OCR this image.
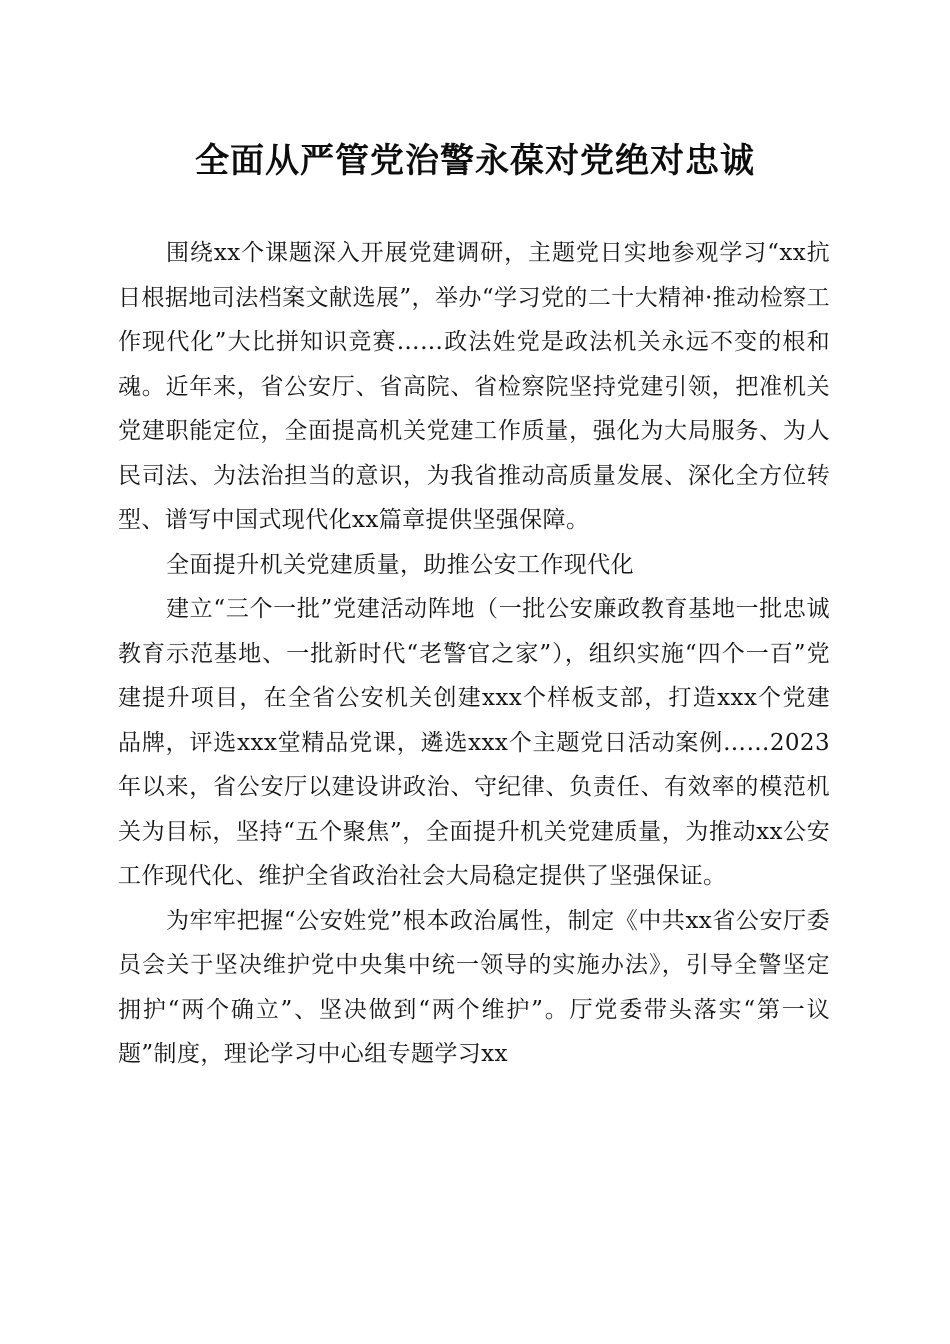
全面从严管党治警永葆对党绝对忠诚

围绕xx个课题深入开展党建调研，主题党日实地参观学习“xx抗日根据地司法档案文献选展”，举办“学习党的二十大精神·推动检察工作现代化”大比拼知识竞赛……政法姓党是政法机关永远不变的根和魂。近年来，省公安厅、省高院、省检察院坚持党建引领，把准机关党建职能定位，全面提高机关党建工作质量，强化为大局服务、为人民司法、为法治担当的意识，为我省推动高质量发展、深化全方位转型、谱写中国式现代化xx篇章提供坚强保障。

全面提升机关党建质量，助推公安工作现代化

建立“三个一批”党建活动阵地（一批公安廉政教育基地一批忠诚教育示范基地、一批新时代“老警官之家”），组织实施“四个一百”党建提升项目，在全省公安机关创建xxx个样板支部，打造xxx个党建品牌，评选xxx堂精品党课，遴选xxx个主题党日活动案例……2023年以来，省公安厅以建设讲政治、守纪律、负责任、有效率的模范机关为目标，坚持“五个聚焦”，全面提升机关党建质量，为推动xx公安工作现代化、维护全省政治社会大局稳定提供了坚强保证。

为牢牢把握“公安姓党”根本政治属性，制定《中共xx省公安厅委员会关于坚决维护党中央集中统一领导的实施办法》，引导全警坚定拥护“两个确立”、坚决做到“两个维护”。厅党委带头落实“第一议题”制度，理论学习中心组专题学习xx
